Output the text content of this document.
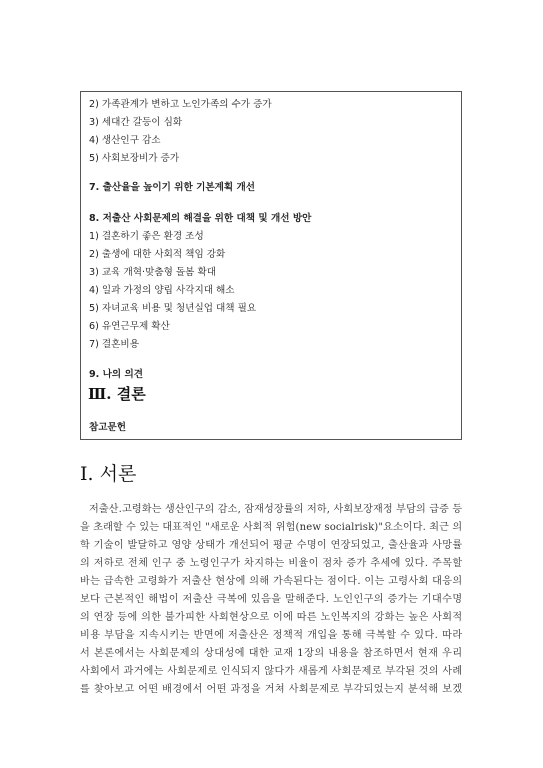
2) 가족관계가 변하고 노인가족의 수가 증가
3) 세대간 갈등이 심화
4) 생산인구 감소
5) 사회보장비가 증가
7. 출산율을 높이기 위한 기본계획 개선
8. 저출산 사회문제의 해결을 위한 대책 및 개선 방안
1) 결혼하기 좋은 환경 조성
2) 출생에 대한 사회적 책임 강화
3) 교육 개혁·맞춤형 돌봄 확대
4) 일과 가정의 양립 사각지대 해소
5) 자녀교육 비용 및 청년실업 대책 필요
6) 유연근무제 확산
7) 결혼비용
9. 나의 의견
Ⅲ. 결론
참고문헌
Ⅰ. 서론
저출산.고령화는 생산인구의 감소, 잠재성장률의 저하, 사회보장재정 부담의 급증 등
을 초래할 수 있는 대표적인 "새로운 사회적 위험(new socialrisk)"요소이다. 최근 의
학 기술이 발달하고 영양 상태가 개선되어 평균 수명이 연장되었고, 출산율과 사망률
의 저하로 전체 인구 중 노령인구가 차지하는 비율이 점차 증가 추세에 있다. 주목할
바는 급속한 고령화가 저출산 현상에 의해 가속된다는 점이다. 이는 고령사회 대응의
보다 근본적인 해법이 저출산 극복에 있음을 말해준다. 노인인구의 증가는 기대수명
의 연장 등에 의한 불가피한 사회현상으로 이에 따른 노인복지의 강화는 높은 사회적
비용 부담을 지속시키는 반면에 저출산은 정책적 개입을 통해 극복할 수 있다. 따라
서 본론에서는 사회문제의 상대성에 대한 교재 1장의 내용을 참조하면서 현재 우리
사회에서 과거에는 사회문제로 인식되지 않다가 새롭게 사회문제로 부각된 것의 사례
를 찾아보고 어떤 배경에서 어떤 과정을 거쳐 사회문제로 부각되었는지 분석해 보겠
